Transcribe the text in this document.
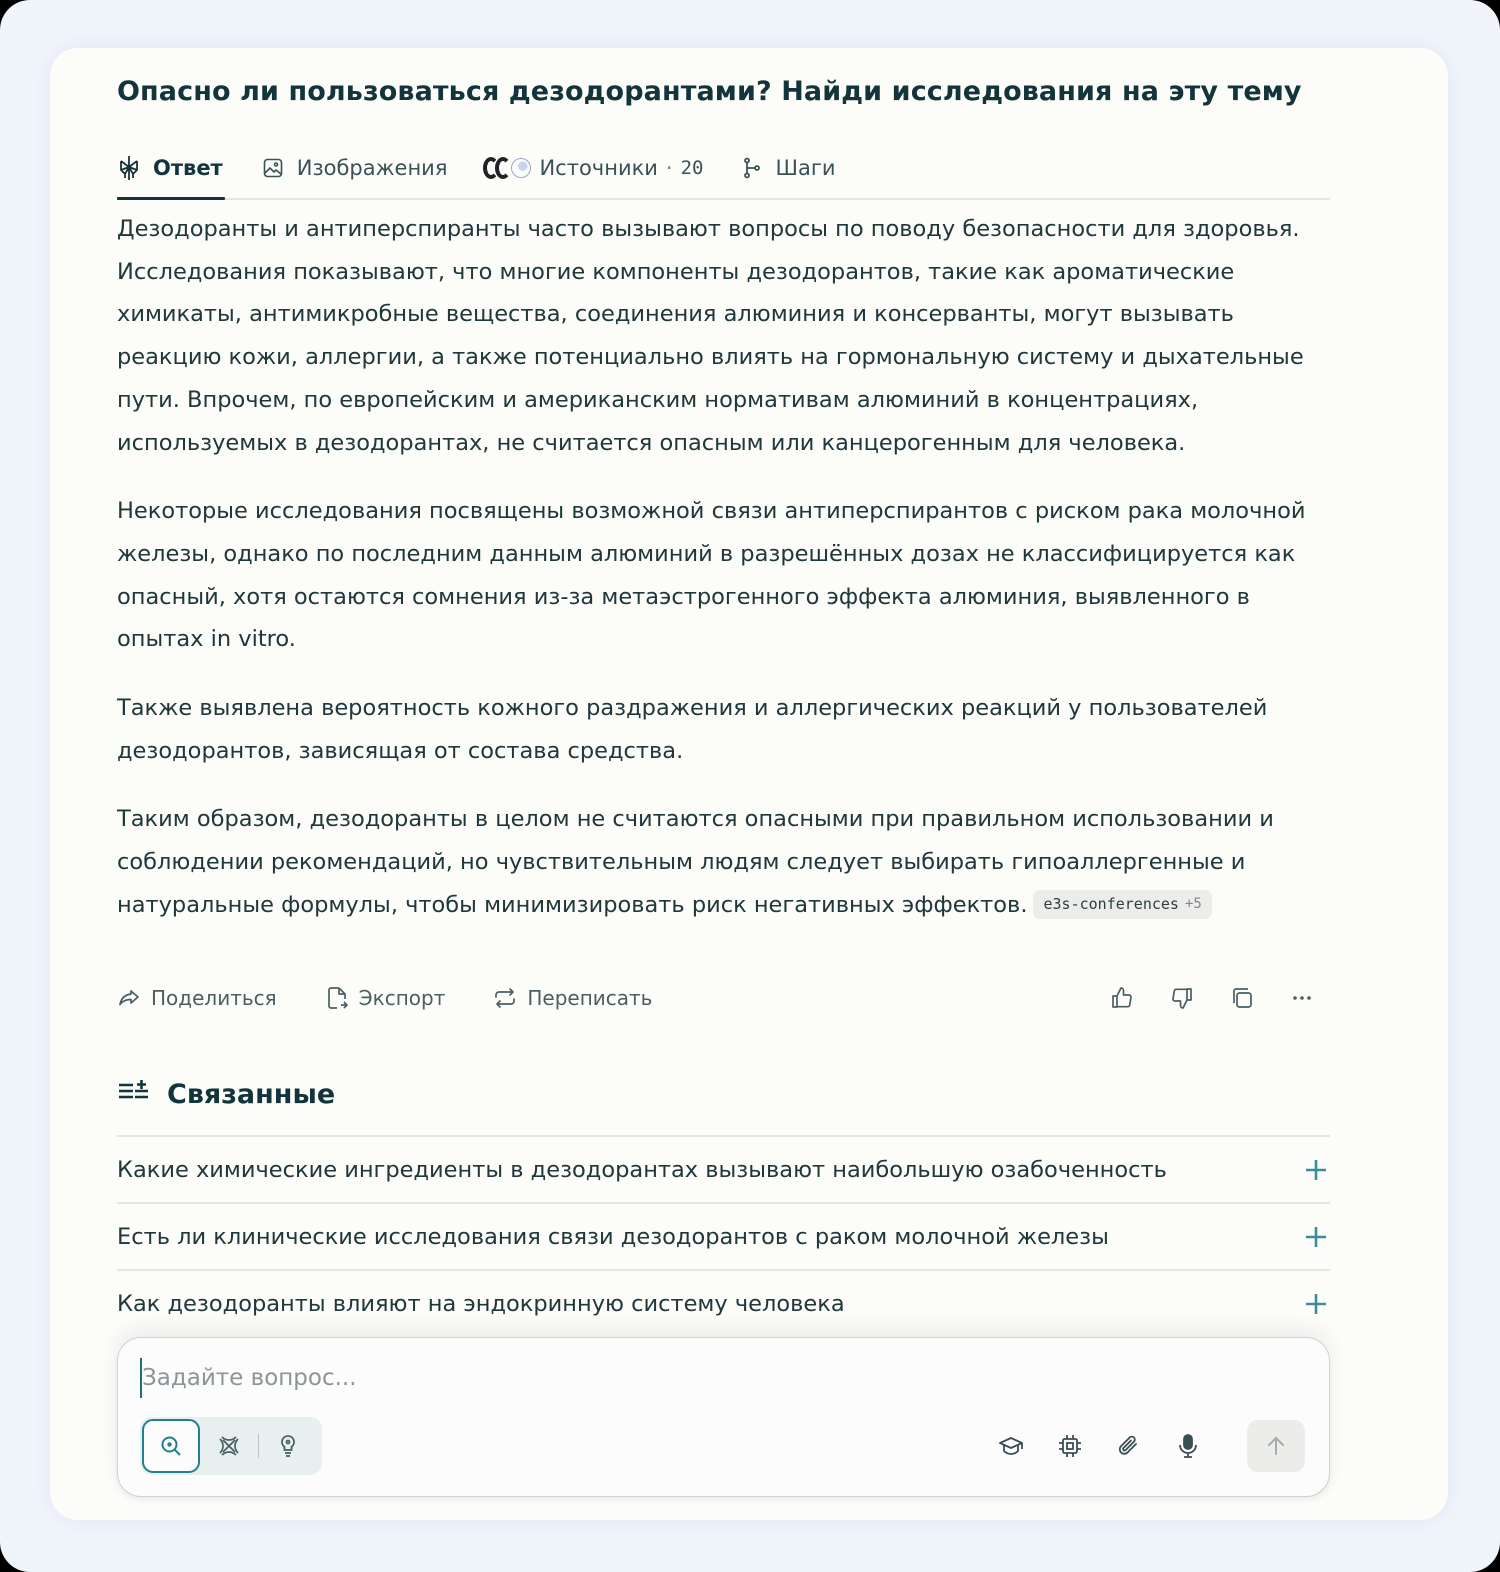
Опасно ли пользоваться дезодорантами? Найди исследования на эту тему
Ответ	Изображения	Источники · 20	Шаги

Дезодоранты и антиперспиранты часто вызывают вопросы по поводу безопасности для здоровья. Исследования показывают, что многие компоненты дезодорантов, такие как ароматические химикаты, антимикробные вещества, соединения алюминия и консерванты, могут вызывать реакцию кожи, аллергии, а также потенциально влиять на гормональную систему и дыхательные пути. Впрочем, по европейским и американским нормативам алюминий в концентрациях, используемых в дезодорантах, не считается опасным или канцерогенным для человека.

Некоторые исследования посвящены возможной связи антиперспирантов с риском рака молочной железы, однако по последним данным алюминий в разрешённых дозах не классифицируется как опасный, хотя остаются сомнения из-за метаэстрогенного эффекта алюминия, выявленного в опытах in vitro.

Также выявлена вероятность кожного раздражения и аллергических реакций у пользователей дезодорантов, зависящая от состава средства.

Таким образом, дезодоранты в целом не считаются опасными при правильном использовании и соблюдении рекомендаций, но чувствительным людям следует выбирать гипоаллергенные и натуральные формулы, чтобы минимизировать риск негативных эффектов. e3s-conferences +5

Поделиться	Экспорт	Переписать
Связанные
Какие химические ингредиенты в дезодорантах вызывают наибольшую озабоченность
Есть ли клинические исследования связи дезодорантов с раком молочной железы
Как дезодоранты влияют на эндокринную систему человека
Задайте вопрос...
